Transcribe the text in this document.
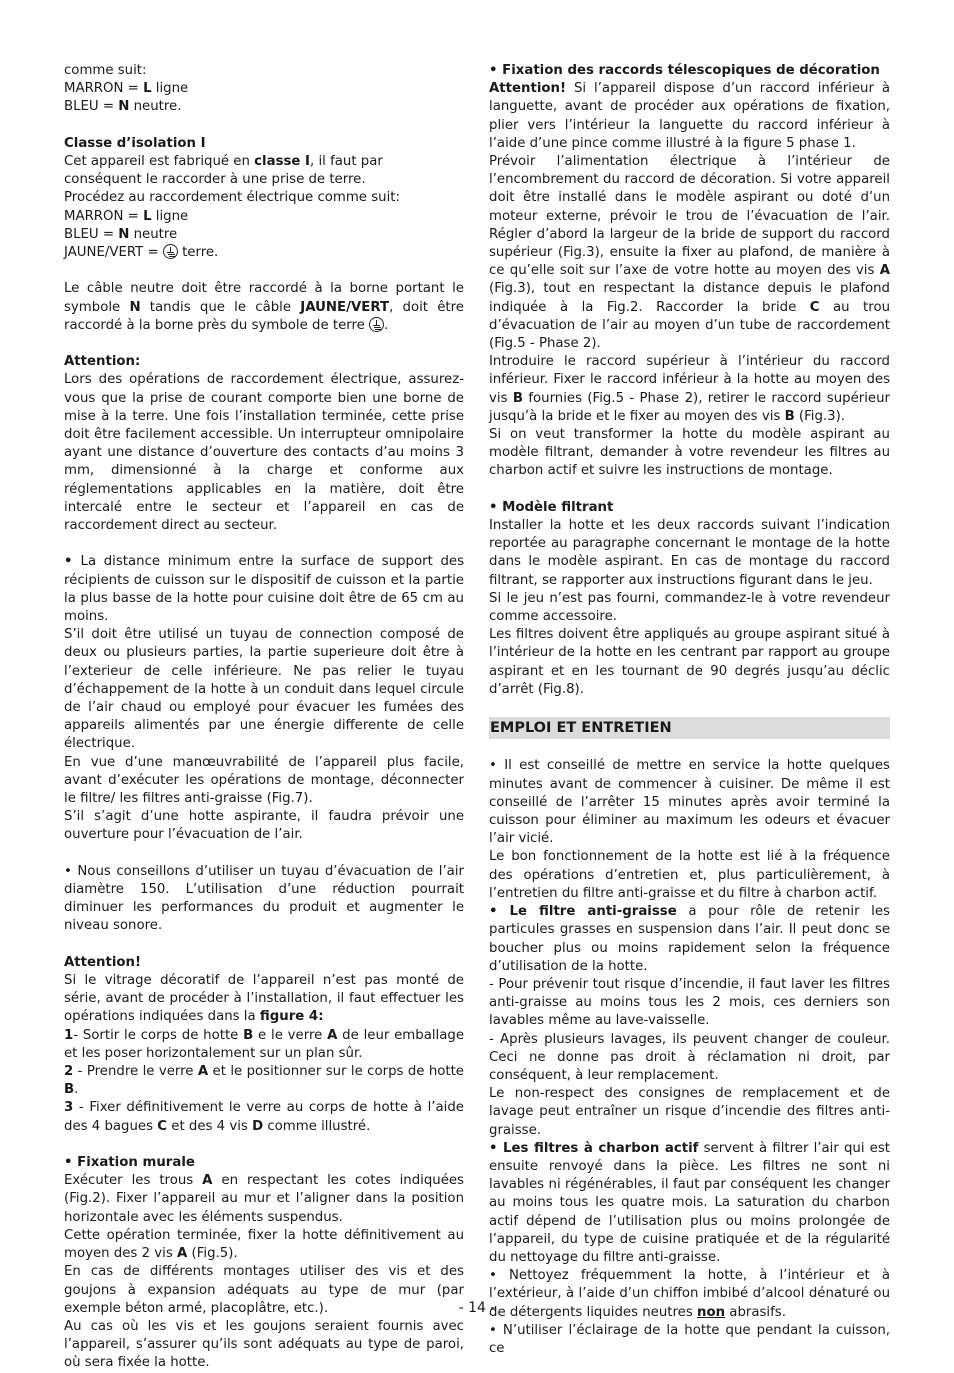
comme suit:

MARRON = L ligne

BLEU = N neutre.

Classe d’isolation I

Cet appareil est fabriqué en classe I, il faut par conséquent le raccorder à une prise de terre.

Procédez au raccordement électrique comme suit:

MARRON = L ligne

BLEU = N neutre

JAUNE/VERT =  terre.

Le câble neutre doit être raccordé à la borne portant le symbole N tandis que le câble JAUNE/VERT, doit être raccordé à la borne près du symbole de terre .

Attention:

Lors des opérations de raccordement électrique, assurez-vous que la prise de courant comporte bien une borne de mise à la terre. Une fois l’installation terminée, cette prise doit être facilement accessible. Un interrupteur omnipolaire ayant une distance d’ouverture des contacts d’au moins 3 mm, dimensionné à la charge et conforme aux réglementations applicables en la matière, doit être intercalé entre le secteur et l’appareil en cas de raccordement direct au secteur.

• La distance minimum entre la surface de support des récipients de cuisson sur le dispositif de cuisson et la partie la plus basse de la hotte pour cuisine doit être de 65 cm au moins.

S’il doit être utilisé un tuyau de connection composé de deux ou plusieurs parties, la partie superieure doit être à l’exterieur de celle inférieure. Ne pas relier le tuyau d’échappement de la hotte à un conduit dans lequel circule de l’air chaud ou employé pour évacuer les fumées des appareils alimentés par une énergie differente de celle électrique.

En vue d’une manœuvrabilité de l’appareil plus facile, avant d’exécuter les opérations de montage, déconnecter le filtre/ les filtres anti-graisse (Fig.7).

S’il s’agit d’une hotte aspirante, il faudra prévoir une ouverture pour l’évacuation de l’air.

• Nous conseillons d’utiliser un tuyau d’évacuation de l’air diamètre 150. L’utilisation d’une réduction pourrait diminuer les performances du produit et augmenter le niveau sonore.

Attention!

Si le vitrage décoratif de l’appareil n’est pas monté de série, avant de procéder à l’installation, il faut effectuer les opérations indiquées dans la figure 4:

1- Sortir le corps de hotte B e le verre A de leur emballage et les poser horizontalement sur un plan sûr.

2 - Prendre le verre A et le positionner sur le corps de hotte B.

3 - Fixer définitivement le verre au corps de hotte à l’aide des 4 bagues C et des 4 vis D comme illustré.

• Fixation murale

Exécuter les trous A en respectant les cotes indiquées (Fig.2). Fixer l’appareil au mur et l’aligner dans la position horizontale avec les éléments suspendus.

Cette opération terminée, fixer la hotte définitivement au moyen des 2 vis A (Fig.5).

En cas de différents montages utiliser des vis et des goujons à expansion adéquats au type de mur (par exemple béton armé, placoplâtre, etc.).

Au cas où les vis et les goujons seraient fournis avec l’appareil, s’assurer qu’ils sont adéquats au type de paroi, où sera fixée la hotte.

• Fixation des raccords télescopiques de décoration

Attention! Si l’appareil dispose d’un raccord inférieur à languette, avant de procéder aux opérations de fixation, plier vers l’intérieur la languette du raccord inférieur à l’aide d’une pince comme illustré à la figure 5 phase 1.

Prévoir l’alimentation électrique à l’intérieur de l’encombrement du raccord de décoration. Si votre appareil doit être installé dans le modèle aspirant ou doté d’un moteur externe, prévoir le trou de l’évacuation de l’air. Régler d’abord la largeur de la bride de support du raccord supérieur (Fig.3), ensuite la fixer au plafond, de manière à ce qu’elle soit sur l’axe de votre hotte au moyen des vis A (Fig.3), tout en respectant la distance depuis le plafond indiquée à la Fig.2. Raccorder la bride C au trou d’évacuation de l’air au moyen d’un tube de raccordement (Fig.5 - Phase 2).

Introduire le raccord supérieur à l’intérieur du raccord inférieur. Fixer le raccord inférieur à la hotte au moyen des vis B fournies (Fig.5 - Phase 2), retirer le raccord supérieur jusqu’à la bride et le fixer au moyen des vis B (Fig.3).

Si on veut transformer la hotte du modèle aspirant au modèle filtrant, demander à votre revendeur les filtres au charbon actif et suivre les instructions de montage.

• Modèle filtrant

Installer la hotte et les deux raccords suivant l’indication reportée au paragraphe concernant le montage de la hotte dans le modèle aspirant. En cas de montage du raccord filtrant, se rapporter aux instructions figurant dans le jeu.

Si le jeu n’est pas fourni, commandez-le à votre revendeur comme accessoire.

Les filtres doivent être appliqués au groupe aspirant situé à l’intérieur de la hotte en les centrant par rapport au groupe aspirant et en les tournant de 90 degrés jusqu’au déclic d’arrêt (Fig.8).

EMPLOI ET ENTRETIEN

• Il est conseillé de mettre en service la hotte quelques minutes avant de commencer à cuisiner. De même il est conseillé de l’arrêter 15 minutes après avoir terminé la cuisson pour éliminer au maximum les odeurs et évacuer l’air vicié.

Le bon fonctionnement de la hotte est lié à la fréquence des opérations d’entretien et, plus particulièrement, à l’entretien du filtre anti-graisse et du filtre à charbon actif.

• Le filtre anti-graisse a pour rôle de retenir les particules grasses en suspension dans l’air. Il peut donc se boucher plus ou moins rapidement selon la fréquence d’utilisation de la hotte.

- Pour prévenir tout risque d’incendie, il faut laver les filtres anti-graisse au moins tous les 2 mois, ces derniers son lavables même au lave-vaisselle.

- Après plusieurs lavages, ils peuvent changer de couleur. Ceci ne donne pas droit à réclamation ni droit, par conséquent, à leur remplacement.

Le non-respect des consignes de remplacement et de lavage peut entraîner un risque d’incendie des filtres anti-graisse.

• Les filtres à charbon actif servent à filtrer l’air qui est ensuite renvoyé dans la pièce. Les filtres ne sont ni lavables ni régénérables, il faut par conséquent les changer au moins tous les quatre mois. La saturation du charbon actif dépend de l’utilisation plus ou moins prolongée de l’appareil, du type de cuisine pratiquée et de la régularité du nettoyage du filtre anti-graisse.

• Nettoyez fréquemment la hotte, à l’intérieur et à l’extérieur, à l’aide d’un chiffon imbibé d’alcool dénaturé ou de détergents liquides neutres non abrasifs.

• N’utiliser l’éclairage de la hotte que pendant la cuisson, ce

- 14 -
